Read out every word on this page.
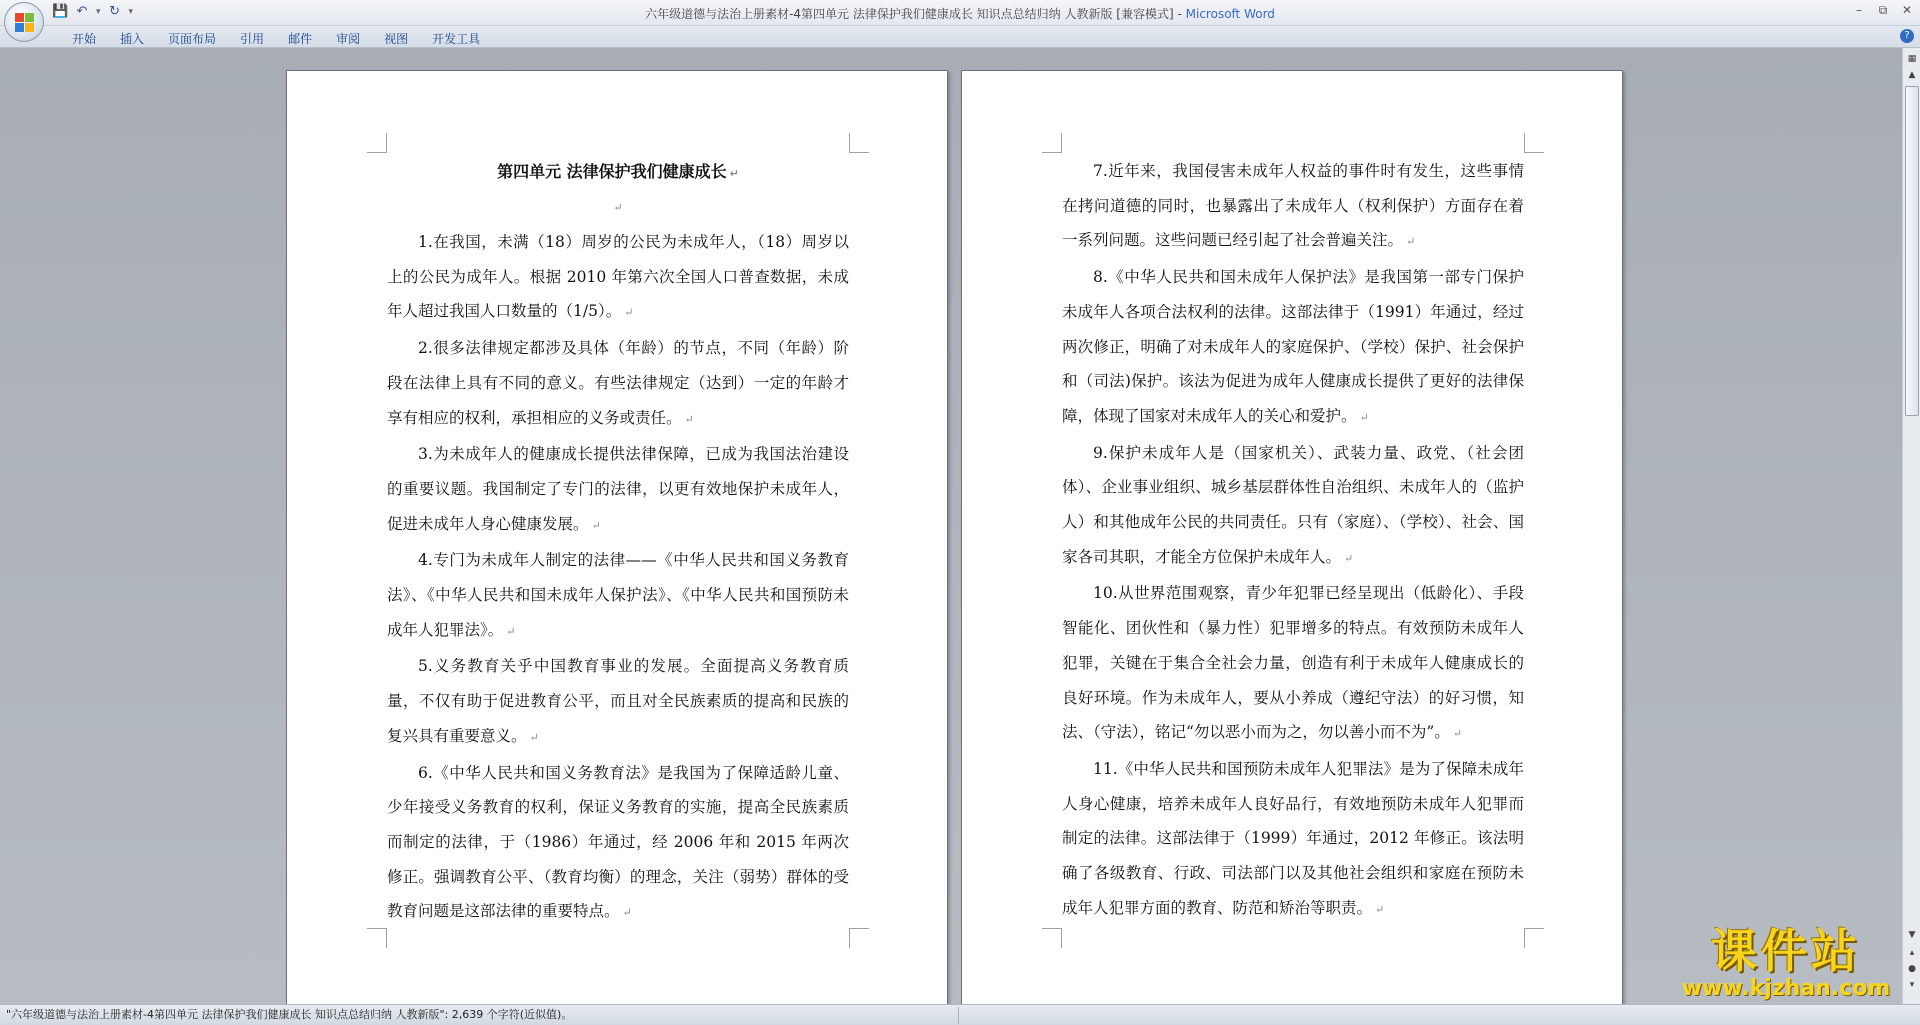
💾 ↶ ▾ ↻ ▾	六年级道德与法治上册素材-4第四单元 法律保护我们健康成长 知识点总结归纳 人教新版 [兼容模式] - Microsoft Word	–	⧉ ✕
开始	插入	页面布局	引用	邮件	审阅	视图	开发工具	?
第四单元 法律保护我们健康成长 ↵
↵
1.在我国，未满（18）周岁的公民为未成年人，（18）周岁以上的公民为成年人。根据 2010 年第六次全国人口普查数据，未成年人超过我国人口数量的（1/5）。 ↵
2.很多法律规定都涉及具体（年龄）的节点，不同（年龄）阶段在法律上具有不同的意义。有些法律规定（达到）一定的年龄才享有相应的权利，承担相应的义务或责任。 ↵
3.为未成年人的健康成长提供法律保障，已成为我国法治建设的重要议题。我国制定了专门的法律，以更有效地保护未成年人，促进未成年人身心健康发展。 ↵
4.专门为未成年人制定的法律——《中华人民共和国义务教育法》、《中华人民共和国未成年人保护法》、《中华人民共和国预防未成年人犯罪法》。 ↵
5.义务教育关乎中国教育事业的发展。全面提高义务教育质量，不仅有助于促进教育公平，而且对全民族素质的提高和民族的复兴具有重要意义。 ↵
6.《中华人民共和国义务教育法》是我国为了保障适龄儿童、少年接受义务教育的权利，保证义务教育的实施，提高全民族素质而制定的法律，于（1986）年通过，经 2006 年和 2015 年两次修正。强调教育公平、（教育均衡）的理念，关注（弱势）群体的受教育问题是这部法律的重要特点。 ↵
7.近年来，我国侵害未成年人权益的事件时有发生，这些事情在拷问道德的同时，也暴露出了未成年人（权利保护）方面存在着一系列问题。这些问题已经引起了社会普遍关注。 ↵
8.《中华人民共和国未成年人保护法》是我国第一部专门保护未成年人各项合法权利的法律。这部法律于（1991）年通过，经过两次修正，明确了对未成年人的家庭保护、（学校）保护、社会保护和（司法)保护。该法为促进为成年人健康成长提供了更好的法律保障，体现了国家对未成年人的关心和爱护。 ↵
9.保护未成年人是（国家机关）、武装力量、政党、（社会团体）、企业事业组织、城乡基层群体性自治组织、未成年人的（监护人）和其他成年公民的共同责任。只有（家庭）、（学校）、社会、国家各司其职，才能全方位保护未成年人。 ↵
10.从世界范围观察，青少年犯罪已经呈现出（低龄化）、手段智能化、团伙性和（暴力性）犯罪增多的特点。有效预防未成年人犯罪，关键在于集合全社会力量，创造有利于未成年人健康成长的良好环境。作为未成年人，要从小养成（遵纪守法）的好习惯，知法、（守法），铭记“勿以恶小而为之，勿以善小而不为”。 ↵
11.《中华人民共和国预防未成年人犯罪法》是为了保障未成年人身心健康，培养未成年人良好品行，有效地预防未成年人犯罪而制定的法律。这部法律于（1999）年通过，2012 年修正。该法明确了各级教育、行政、司法部门以及其他社会组织和家庭在预防未成年人犯罪方面的教育、防范和矫治等职责。 ↵
▦
▲
▼
▴
●
▾
"六年级道德与法治上册素材-4第四单元 法律保护我们健康成长 知识点总结归纳 人教新版": 2,639 个字符(近似值)。
课件站
www.kjzhan.com
